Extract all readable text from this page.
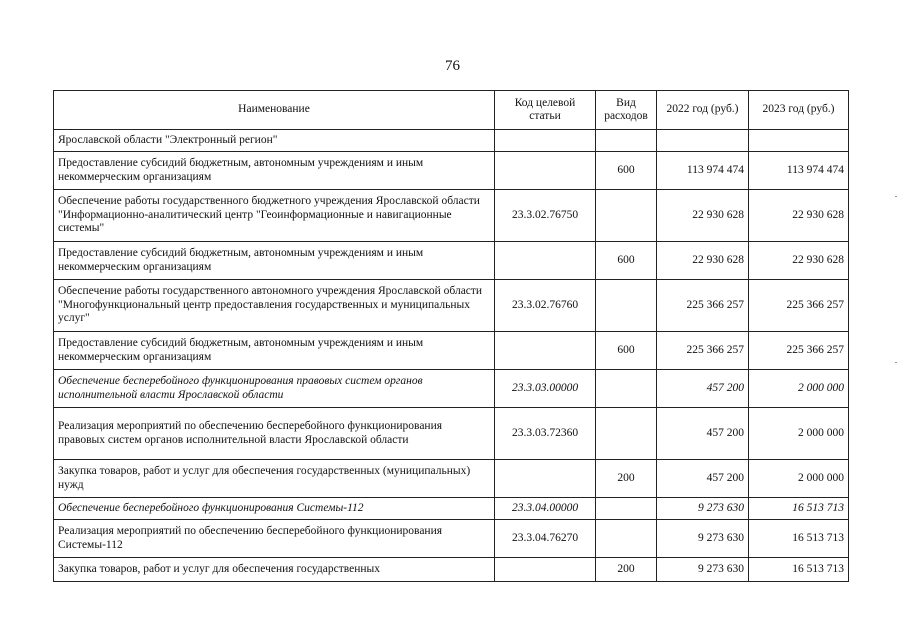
76
Наименование	Код целевой статьи	Вид расходов	2022 год (руб.)	2023 год (руб.)
Ярославской области "Электронный регион"				
Предоставление субсидий бюджетным, автономным учреждениям и иным некоммерческим организациям		600	113 974 474	113 974 474
Обеспечение работы государственного бюджетного учреждения Ярославской области "Информационно-аналитический центр "Геоинформационные и навигационные системы"	23.3.02.76750		22 930 628	22 930 628
Предоставление субсидий бюджетным, автономным учреждениям и иным некоммерческим организациям		600	22 930 628	22 930 628
Обеспечение работы государственного автономного учреждения Ярославской области "Многофункциональный центр предоставления государственных и муниципальных услуг"	23.3.02.76760		225 366 257	225 366 257
Предоставление субсидий бюджетным, автономным учреждениям и иным некоммерческим организациям		600	225 366 257	225 366 257
Обеспечение бесперебойного функционирования правовых систем органов исполнительной власти Ярославской области	23.3.03.00000		457 200	2 000 000
Реализация мероприятий по обеспечению бесперебойного функционирования правовых систем органов исполнительной власти Ярославской области	23.3.03.72360		457 200	2 000 000
Закупка товаров, работ и услуг для обеспечения государственных (муниципальных) нужд		200	457 200	2 000 000
Обеспечение бесперебойного функционирования Системы-112	23.3.04.00000		9 273 630	16 513 713
Реализация мероприятий по обеспечению бесперебойного функционирования Системы-112	23.3.04.76270		9 273 630	16 513 713
Закупка товаров, работ и услуг для обеспечения государственных		200	9 273 630	16 513 713
